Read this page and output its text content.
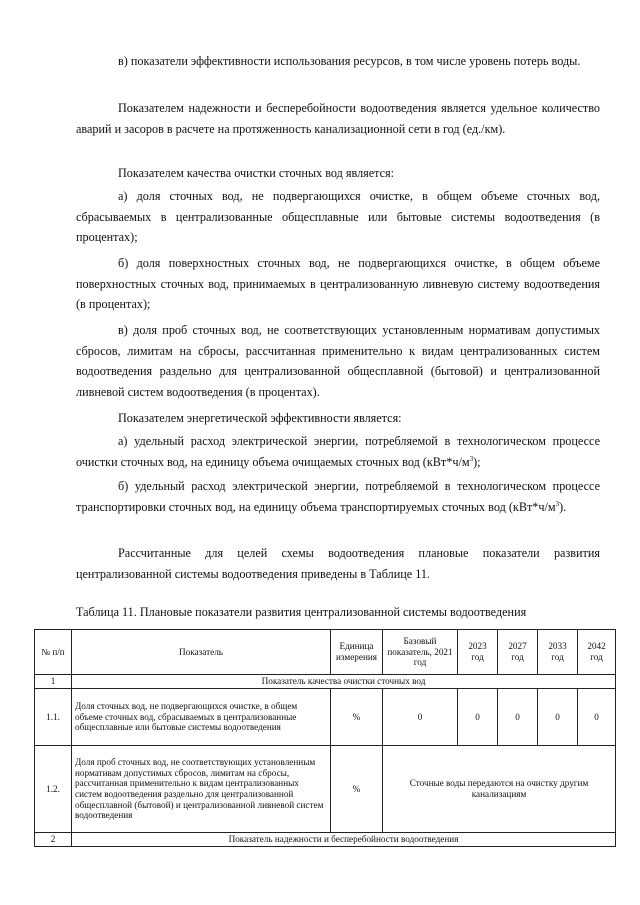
в) показатели эффективности использования ресурсов, в том числе уровень потерь воды.

Показателем надежности и бесперебойности водоотведения является удельное количество аварий и засоров в расчете на протяженность канализационной сети в год (ед./км).

Показателем качества очистки сточных вод является:

а) доля сточных вод, не подвергающихся очистке, в общем объеме сточных вод, сбрасываемых в централизованные общесплавные или бытовые системы водоотведения (в процентах);

б) доля поверхностных сточных вод, не подвергающихся очистке, в общем объеме поверхностных сточных вод, принимаемых в централизованную ливневую систему водоотведения (в процентах);

в) доля проб сточных вод, не соответствующих установленным нормативам допустимых сбросов, лимитам на сбросы, рассчитанная применительно к видам централизованных систем водоотведения раздельно для централизованной общесплавной (бытовой) и централизованной ливневой систем водоотведения (в процентах).

Показателем энергетической эффективности является:

а) удельный расход электрической энергии, потребляемой в технологическом процессе очистки сточных вод, на единицу объема очищаемых сточных вод $(кВт*ч/м^3)$;

б) удельный расход электрической энергии, потребляемой в технологическом процессе транспортировки сточных вод, на единицу объема транспортируемых сточных вод $(кВт*ч/м^3)$.

Рассчитанные для целей схемы водоотведения плановые показатели развития централизованной системы водоотведения приведены в Таблице 11.

Таблица 11. Плановые показатели развития централизованной системы водоотведения

№ п/п	Показатель	Единица измерения	Базовый показатель, 2021 год	2023 год	2027 год	2033 год	2042 год
1	Показатель качества очистки сточных вод						
1.1.	Доля сточных вод, не подвергающихся очистке, в общем объеме сточных вод, сбрасываемых в централизованные общесплавные или бытовые системы водоотведения	%	0	0	0	0	0
1.2.	Доля проб сточных вод, не соответствующих установленным нормативам допустимых сбросов, лимитам на сбросы, рассчитанная применительно к видам централизованных систем водоотведения раздельно для централизованной общесплавной (бытовой) и централизованной ливневой систем водоотведения	%	Сточные воды передаются на очистку другим канализациям				
2	Показатель надежности и бесперебойности водоотведения						
